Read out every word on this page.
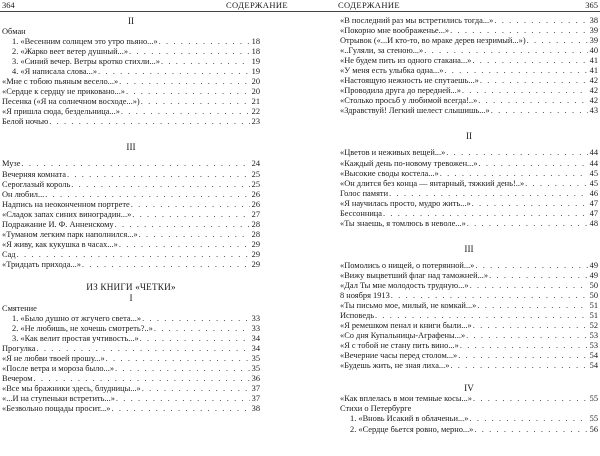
364	СОДЕРЖАНИЕ
II
Обман
1. «Весенним солнцем это утро пьяно...» . . .	18
2. «Жарко веет ветер душный...» . . .	18
3. «Синий вечер. Ветры кротко стихли...» . . .	19
4. «Я написала слова...» . . .	19
«Мне с тобою пьяным весело...» . . .	20
«Сердце к сердцу не приковано...» . . .	20
Песенка («Я на солнечном восходе...») . . .	21
«Я пришла сюда, бездельница...» . . .	22
Белой ночью . . .	23
III
Музе . . .	24
Вечерняя комната . . .	25
Сероглазый король . . .	25
Он любил... . . .	26
Надпись на неоконченном портрете . . .	26
«Сладок запах синих виноградин...» . . .	27
Подражание И. Ф. Анненскому . . .	28
«Туманом легким парк наполнился...» . . .	28
«Я живу, как кукушка в часах...» . . .	29
Сад . . .	29
«Тридцать прихода...» . . .	29
ИЗ КНИГИ «ЧЕТКИ»
I
Смятение
1. «Было душно от жгучего света...» . . .	33
2. «Не любишь, не хочешь смотреть?..» . . .	33
3. «Как велит простая учтивость...» . . .	34
Прогулка . . .	34
«Я не любви твоей прошу...» . . .	35
«После ветра и мороза было...» . . .	35
Вечером . . .	36
«Все мы бражники здесь, блудницы...» . . .	37
«...И на ступеньки встретить...» . . .	37
«Безвольно пощады просит...» . . .	38
СОДЕРЖАНИЕ	365
«В последний раз мы встретились тогда...» . . .	38
«Покорно мне воображенье...» . . .	39
Отрывок («...И кто-то, во мраке дерев незримый...») . . .	39
«..Гуляли, за стеною...» . . .	40
«Не будем пить из одного стакана...» . . .	41
«У меня есть улыбка одна...» . . .	41
«Настоящую нежность не спутаешь...» . . .	42
«Проводила друга до передней...» . . .	42
«Столько просьб у любимой всегда!..» . . .	42
«Здравствуй! Легкий шелест слышишь...» . . .	43
II
«Цветов и неживых вещей...» . . .	44
«Каждый день по-новому тревожен...» . . .	44
«Высокие своды костела...» . . .	45
«Он длится без конца — янтарный, тяжкий день!..» . . .	45
Голос памяти . . .	46
«Я научилась просто, мудро жить...» . . .	47
Бессонница . . .	47
«Ты знаешь, я томлюсь в неволе...» . . .	48
III
«Помолись о нищей, о потерянной...» . . .	49
«Вижу выцветший флаг над таможней...» . . .	49
«Дал Ты мне молодость трудную...» . . .	50
8 ноября 1913 . . .	50
«Ты письмо мое, милый, не комкай...» . . .	51
Исповедь . . .	51
«Я ремешком пенал и книги были...» . . .	52
«Со дня Купальницы-Аграфены...» . . .	53
«Я с тобой не стану пить вино...» . . .	53
«Вечерние часы перед столом...» . . .	54
«Будешь жить, не зная лиха...» . . .	54
IV
«Как вплелась в мои темные косы...» . . .	55
Стихи о Петербурге
1. «Вновь Исакий в облаченьи...» . . .	55
2. «Сердце бьется ровно, мерно...» . . .	56
